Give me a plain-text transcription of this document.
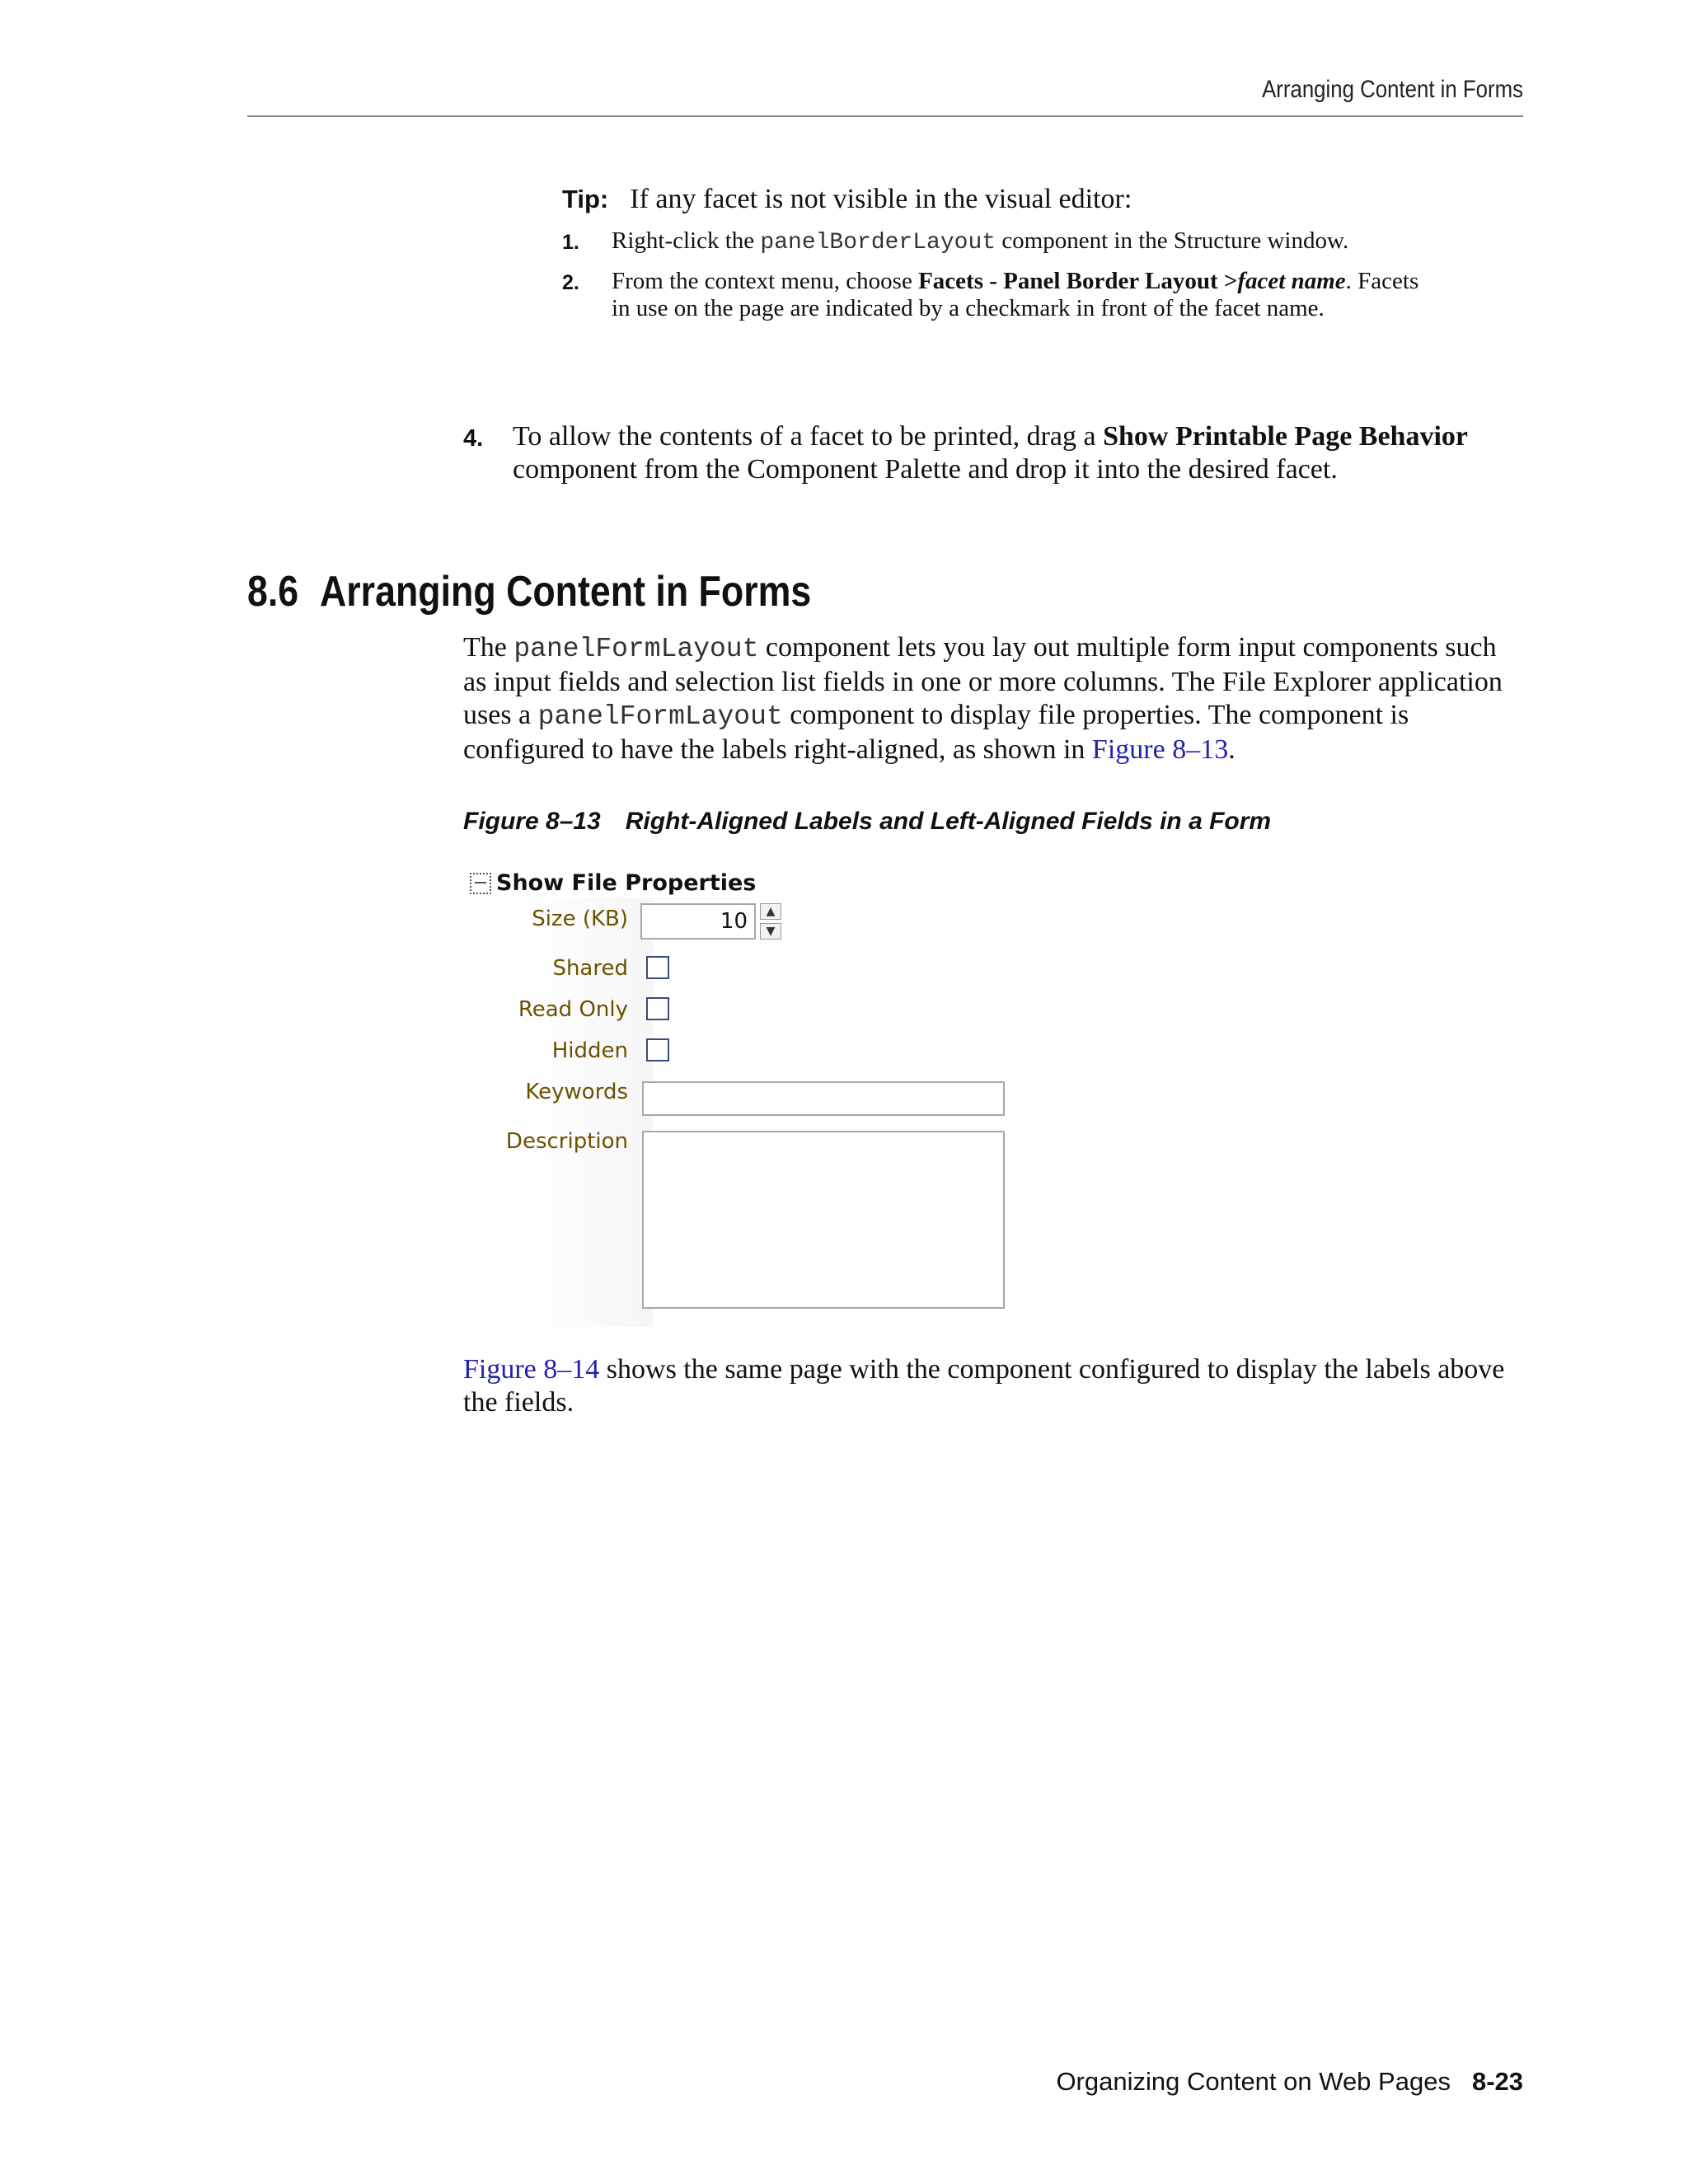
Arranging Content in Forms
Tip: If any facet is not visible in the visual editor:
1. Right-click the panelBorderLayout component in the Structure window.
2. From the context menu, choose Facets - Panel Border Layout >facet name. Facets in use on the page are indicated by a checkmark in front of the facet name.
4. To allow the contents of a facet to be printed, drag a Show Printable Page Behavior component from the Component Palette and drop it into the desired facet.
8.6 Arranging Content in Forms

The panelFormLayout component lets you lay out multiple form input components such as input fields and selection list fields in one or more columns. The File Explorer application uses a panelFormLayout component to display file properties. The component is configured to have the labels right-aligned, as shown in Figure 8–13.

Figure 8–13 Right-Aligned Labels and Left-Aligned Fields in a Form
Show File Properties
Size (KB)	10	▲
▼
Shared
Read Only
Hidden
Keywords
Description

Figure 8–14 shows the same page with the component configured to display the labels above the fields.

Organizing Content on Web Pages 8-23
